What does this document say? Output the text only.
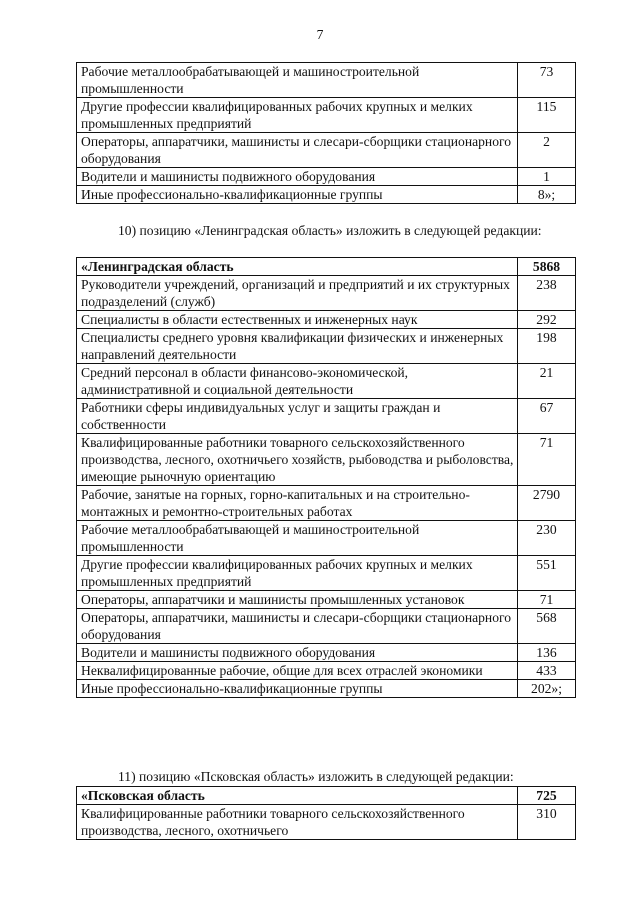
7
Рабочие металлообрабатывающей и машиностроительной промышленности	73
Другие профессии квалифицированных рабочих крупных и мелких промышленных предприятий	115
Операторы, аппаратчики, машинисты и слесари-сборщики стационарного оборудования	2
Водители и машинисты подвижного оборудования	1
Иные профессионально-квалификационные группы	8»;
10) позицию «Ленинградская область» изложить в следующей редакции:
«Ленинградская область	5868
Руководители учреждений, организаций и предприятий и их структурных подразделений (служб)	238
Специалисты в области естественных и инженерных наук	292
Специалисты среднего уровня квалификации физических и инженерных направлений деятельности	198
Средний персонал в области финансово-экономической, административной и социальной деятельности	21
Работники сферы индивидуальных услуг и защиты граждан и собственности	67
Квалифицированные работники товарного сельскохозяйственного производства, лесного, охотничьего хозяйств, рыбоводства и рыболовства, имеющие рыночную ориентацию	71
Рабочие, занятые на горных, горно-капитальных и на строительно-монтажных и ремонтно-строительных работах	2790
Рабочие металлообрабатывающей и машиностроительной промышленности	230
Другие профессии квалифицированных рабочих крупных и мелких промышленных предприятий	551
Операторы, аппаратчики и машинисты промышленных установок	71
Операторы, аппаратчики, машинисты и слесари-сборщики стационарного оборудования	568
Водители и машинисты подвижного оборудования	136
Неквалифицированные рабочие, общие для всех отраслей экономики	433
Иные профессионально-квалификационные группы	202»;
11) позицию «Псковская область» изложить в следующей редакции:
«Псковская область	725
Квалифицированные работники товарного сельскохозяйственного производства, лесного, охотничьего	310
